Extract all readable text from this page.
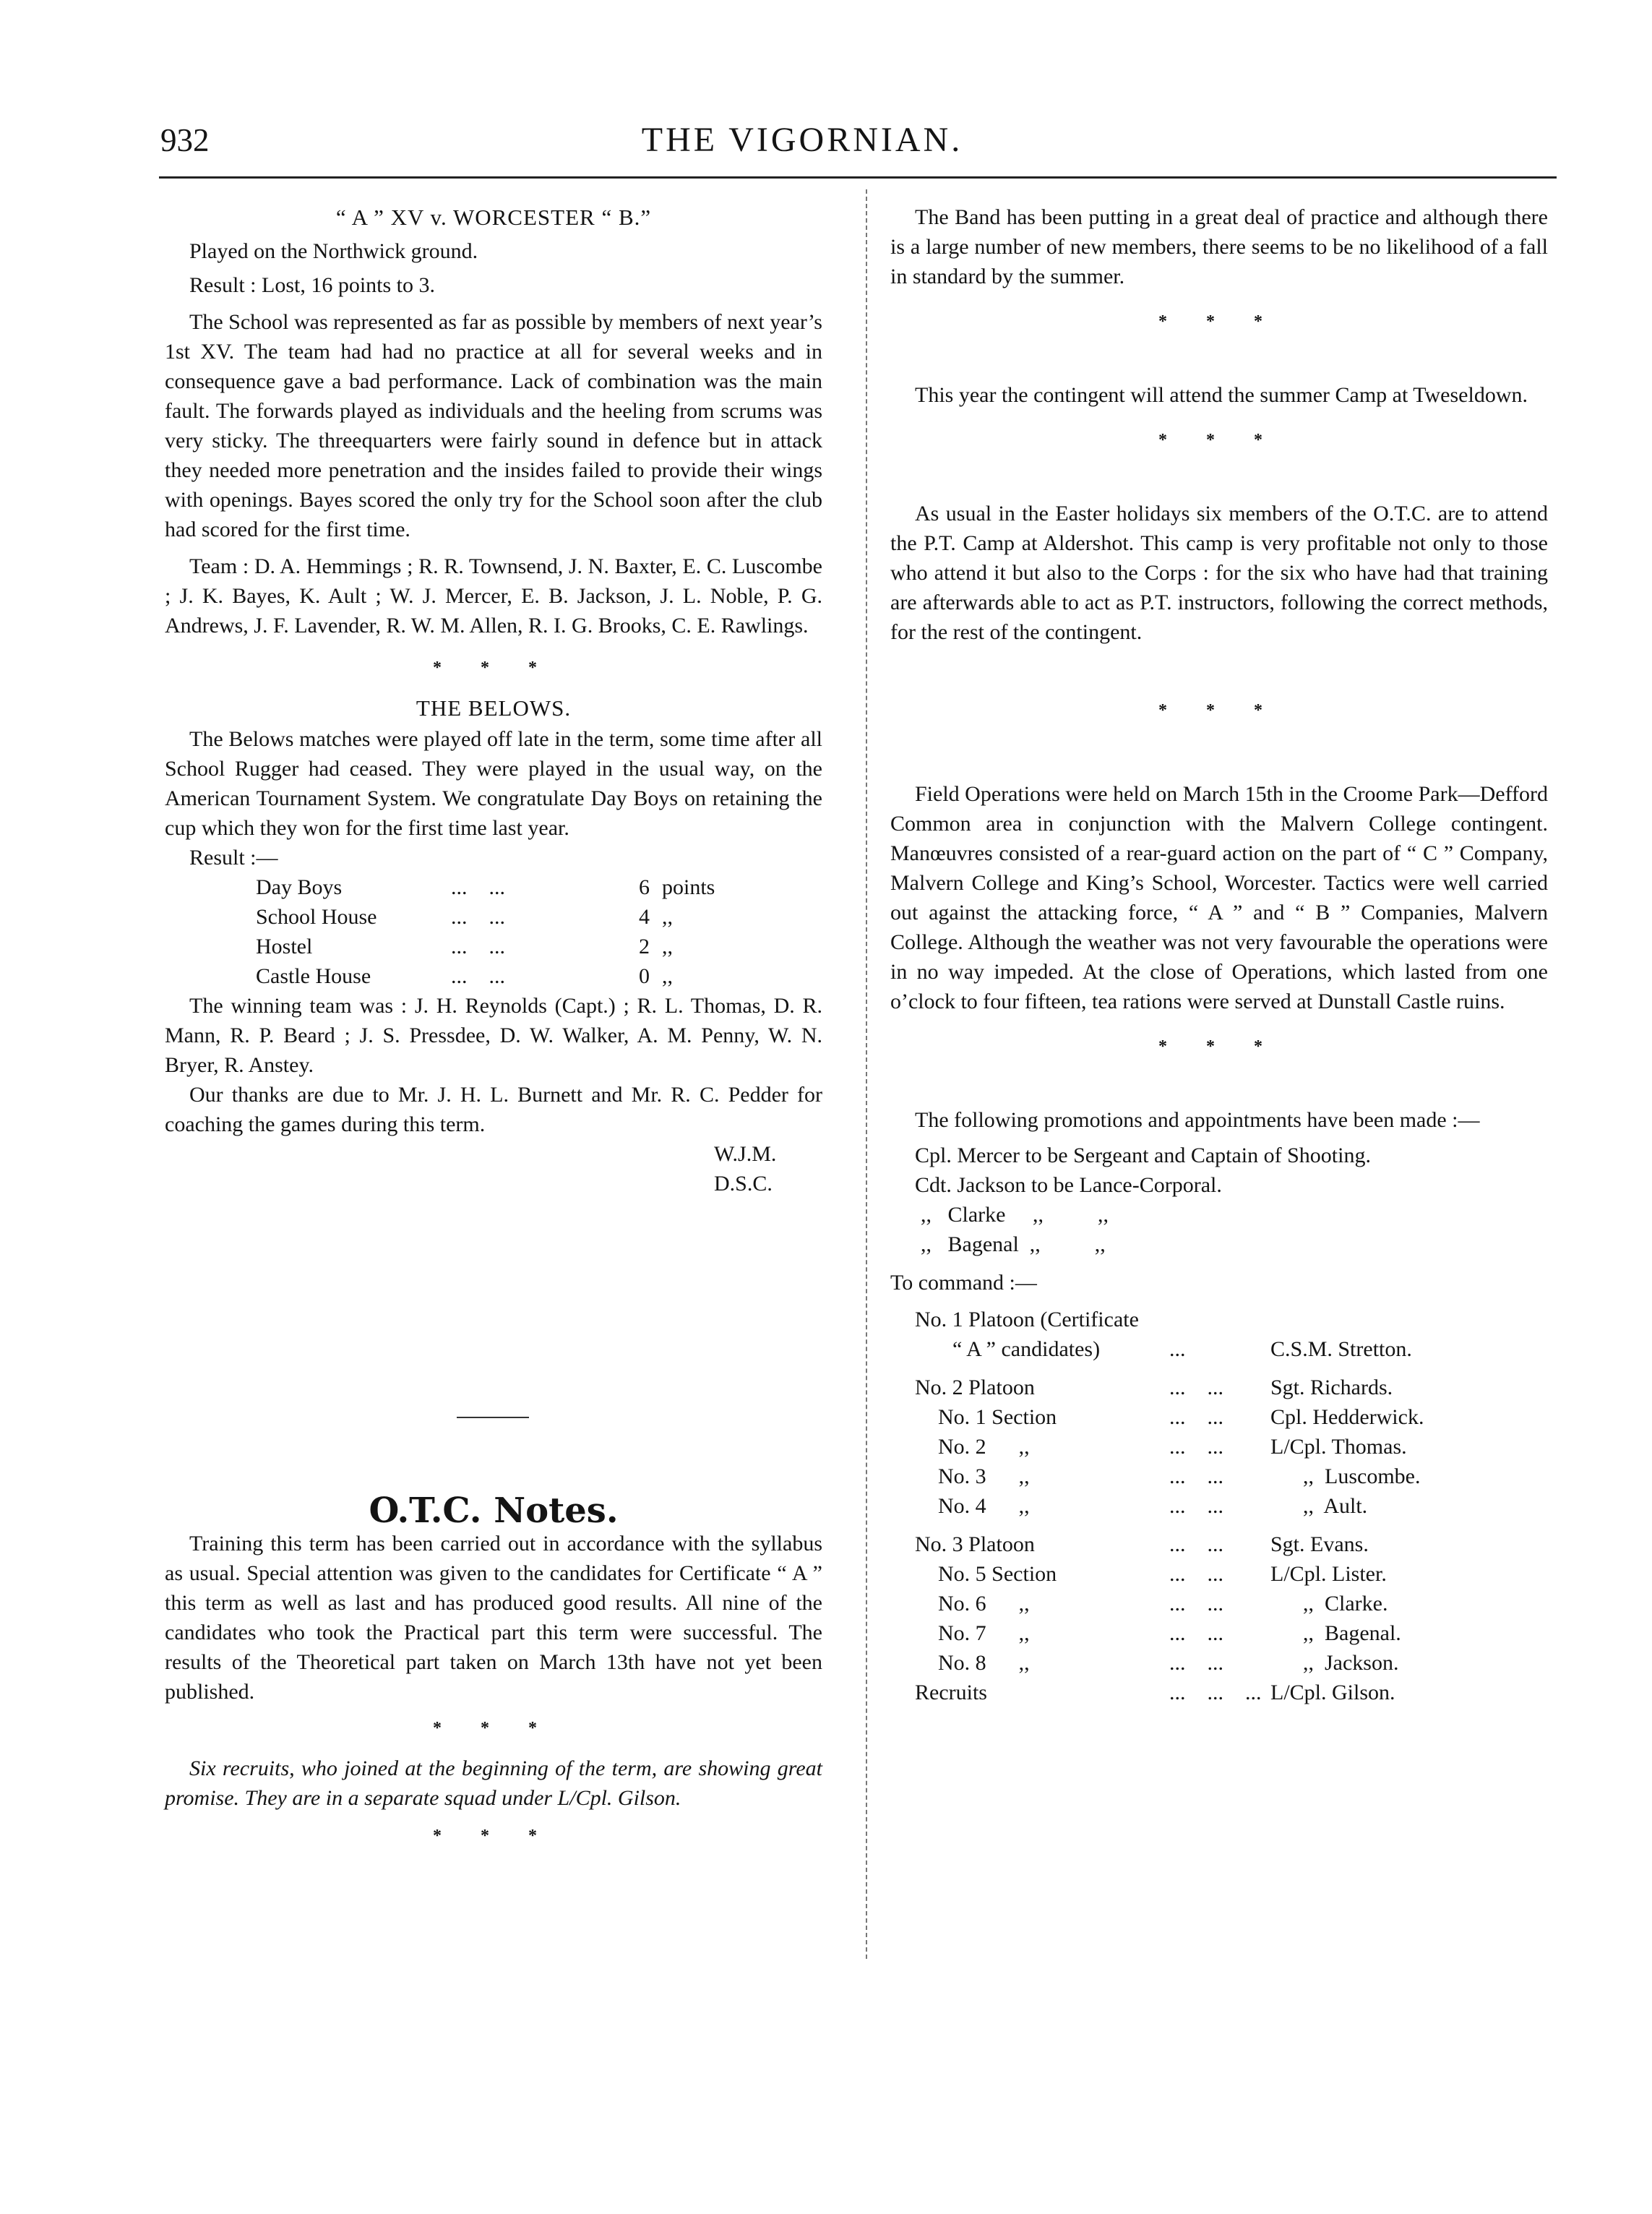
932	THE VIGORNIAN.
“ A ” XV v. WORCESTER “ B.”
Played on the Northwick ground.
Result : Lost, 16 points to 3.

The School was represented as far as possible by members of next year’s 1st XV. The team had had no practice at all for several weeks and in consequence gave a bad performance. Lack of combination was the main fault. The forwards played as individuals and the heeling from scrums was very sticky. The threequarters were fairly sound in defence but in attack they needed more penetration and the insides failed to provide their wings with openings. Bayes scored the only try for the School soon after the club had scored for the first time.

Team : D. A. Hemmings ; R. R. Townsend, J. N. Baxter, E. C. Luscombe ; J. K. Bayes, K. Ault ; W. J. Mercer, E. B. Jackson, J. L. Noble, P. G. Andrews, J. F. Lavender, R. W. M. Allen, R. I. G. Brooks, C. E. Rawlings.

* * *
THE BELOWS.

The Belows matches were played off late in the term, some time after all School Rugger had ceased. They were played in the usual way, on the American Tournament System. We congratulate Day Boys on retaining the cup which they won for the first time last year.

Result :—
Day Boys	...    ...	6	points
School House	...    ...	4	,,
Hostel	...    ...	2	,,
Castle House	...    ...	0	,,

The winning team was : J. H. Reynolds (Capt.) ; R. L. Thomas, D. R. Mann, R. P. Beard ; J. S. Pressdee, D. W. Walker, A. M. Penny, W. N. Bryer, R. Anstey.

Our thanks are due to Mr. J. H. L. Burnett and Mr. R. C. Pedder for coaching the games during this term.

W.J.M.
D.S.C.
O.T.C. Notes.

Training this term has been carried out in accordance with the syllabus as usual. Special attention was given to the candidates for Certificate “ A ” this term as well as last and has produced good results. All nine of the candidates who took the Practical part this term were successful. The results of the Theoretical part taken on March 13th have not yet been published.

* * *

Six recruits, who joined at the beginning of the term, are showing great promise. They are in a separate squad under L/Cpl. Gilson.

* * *

The Band has been putting in a great deal of practice and although there is a large number of new members, there seems to be no likelihood of a fall in standard by the summer.

* * *

This year the contingent will attend the summer Camp at Tweseldown.

* * *

As usual in the Easter holidays six members of the O.T.C. are to attend the P.T. Camp at Aldershot. This camp is very profitable not only to those who attend it but also to the Corps : for the six who have had that training are afterwards able to act as P.T. instructors, following the correct methods, for the rest of the contingent.

* * *

Field Operations were held on March 15th in the Croome Park—Defford Common area in conjunction with the Malvern College contingent. Manœuvres consisted of a rear-guard action on the part of “ C ” Company, Malvern College and King’s School, Worcester. Tactics were well carried out against the attacking force, “ A ” and “ B ” Companies, Malvern College. Although the weather was not very favourable the operations were in no way impeded. At the close of Operations, which lasted from one o’clock to four fifteen, tea rations were served at Dunstall Castle ruins.

* * *

The following promotions and appointments have been made :—

Cpl. Mercer to be Sergeant and Captain of Shooting.
Cdt. Jackson to be Lance-Corporal.
,,   Clarke     ,,          ,,
,,   Bagenal  ,,          ,,
To command :—
No. 1 Platoon (Certificate		
“ A ” candidates)	...	C.S.M. Stretton.
No. 2 Platoon	...    ...	Sgt. Richards.
No. 1 Section	...    ...	Cpl. Hedderwick.
No. 2      ,,	...    ...	L/Cpl. Thomas.
No. 3      ,,	...    ...	,,  Luscombe.
No. 4      ,,	...    ...	,,  Ault.
No. 3 Platoon	...    ...	Sgt. Evans.
No. 5 Section	...    ...	L/Cpl. Lister.
No. 6      ,,	...    ...	,,  Clarke.
No. 7      ,,	...    ...	,,  Bagenal.
No. 8      ,,	...    ...	,,  Jackson.
Recruits	...    ...    ...	L/Cpl. Gilson.
